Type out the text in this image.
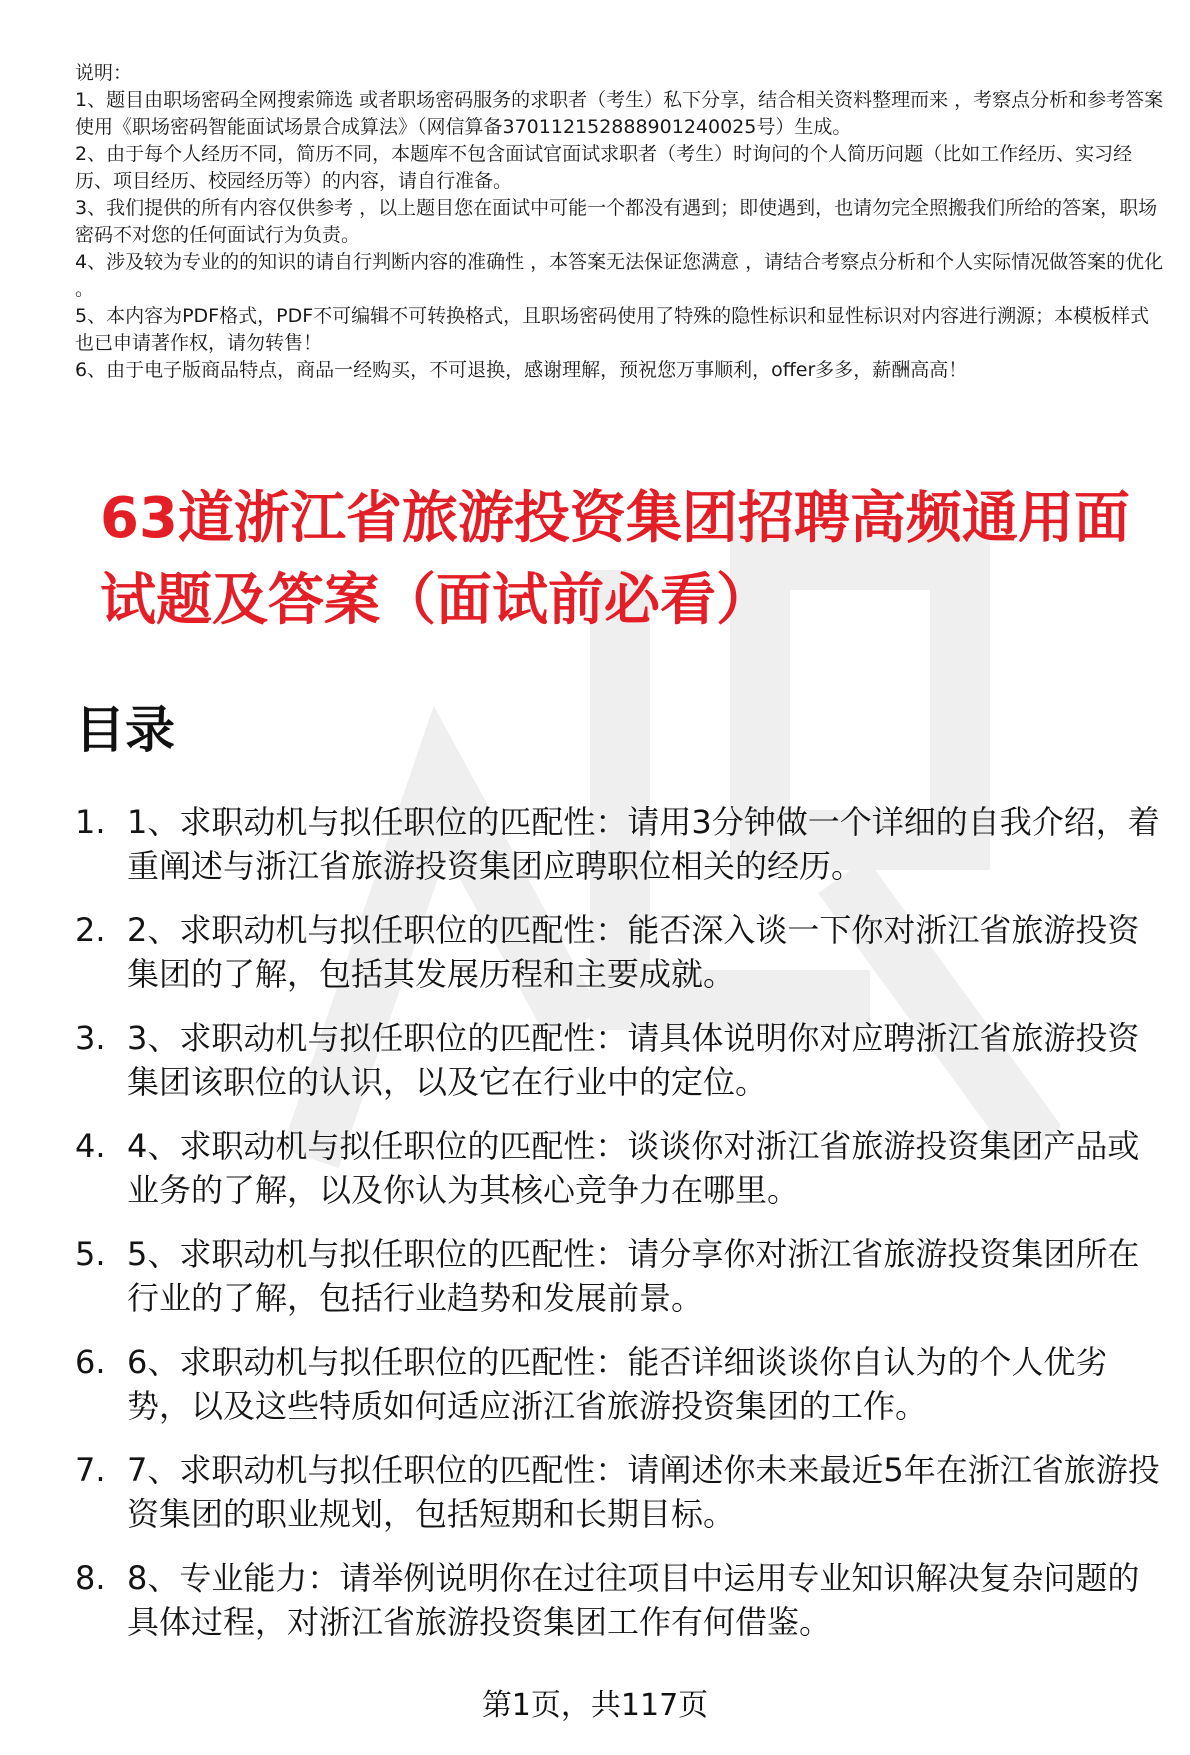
说明：

1、题目由职场密码全网搜索筛选 或者职场密码服务的求职者（考生）私下分享，结合相关资料整理而来 ，考察点分析和参考答案使用《职场密码智能面试场景合成算法》（网信算备370112152888901240025号）生成。

2、由于每个人经历不同，简历不同，本题库不包含面试官面试求职者（考生）时询问的个人简历问题（比如工作经历、实习经历、项目经历、校园经历等）的内容，请自行准备。

3、我们提供的所有内容仅供参考 ，以上题目您在面试中可能一个都没有遇到；即使遇到，也请勿完全照搬我们所给的答案，职场密码不对您的任何面试行为负责。

4、涉及较为专业的的知识的请自行判断内容的准确性 ，本答案无法保证您满意 ，请结合考察点分析和个人实际情况做答案的优化 。

5、本内容为PDF格式，PDF不可编辑不可转换格式，且职场密码使用了特殊的隐性标识和显性标识对内容进行溯源；本模板样式也已申请著作权，请勿转售！

6、由于电子版商品特点，商品一经购买，不可退换，感谢理解，预祝您万事顺利，offer多多，薪酬高高！

63道浙江省旅游投资集团招聘高频通用面试题及答案（面试前必看）
目录
1. 1、求职动机与拟任职位的匹配性：请用3分钟做一个详细的自我介绍，着重阐述与浙江省旅游投资集团应聘职位相关的经历。
2. 2、求职动机与拟任职位的匹配性：能否深入谈一下你对浙江省旅游投资集团的了解，包括其发展历程和主要成就。
3. 3、求职动机与拟任职位的匹配性：请具体说明你对应聘浙江省旅游投资集团该职位的认识，以及它在行业中的定位。
4. 4、求职动机与拟任职位的匹配性：谈谈你对浙江省旅游投资集团产品或业务的了解，以及你认为其核心竞争力在哪里。
5. 5、求职动机与拟任职位的匹配性：请分享你对浙江省旅游投资集团所在行业的了解，包括行业趋势和发展前景。
6. 6、求职动机与拟任职位的匹配性：能否详细谈谈你自认为的个人优劣势，以及这些特质如何适应浙江省旅游投资集团的工作。
7. 7、求职动机与拟任职位的匹配性：请阐述你未来最近5年在浙江省旅游投资集团的职业规划，包括短期和长期目标。
8. 8、专业能力：请举例说明你在过往项目中运用专业知识解决复杂问题的具体过程，对浙江省旅游投资集团工作有何借鉴。
第1页，共117页
